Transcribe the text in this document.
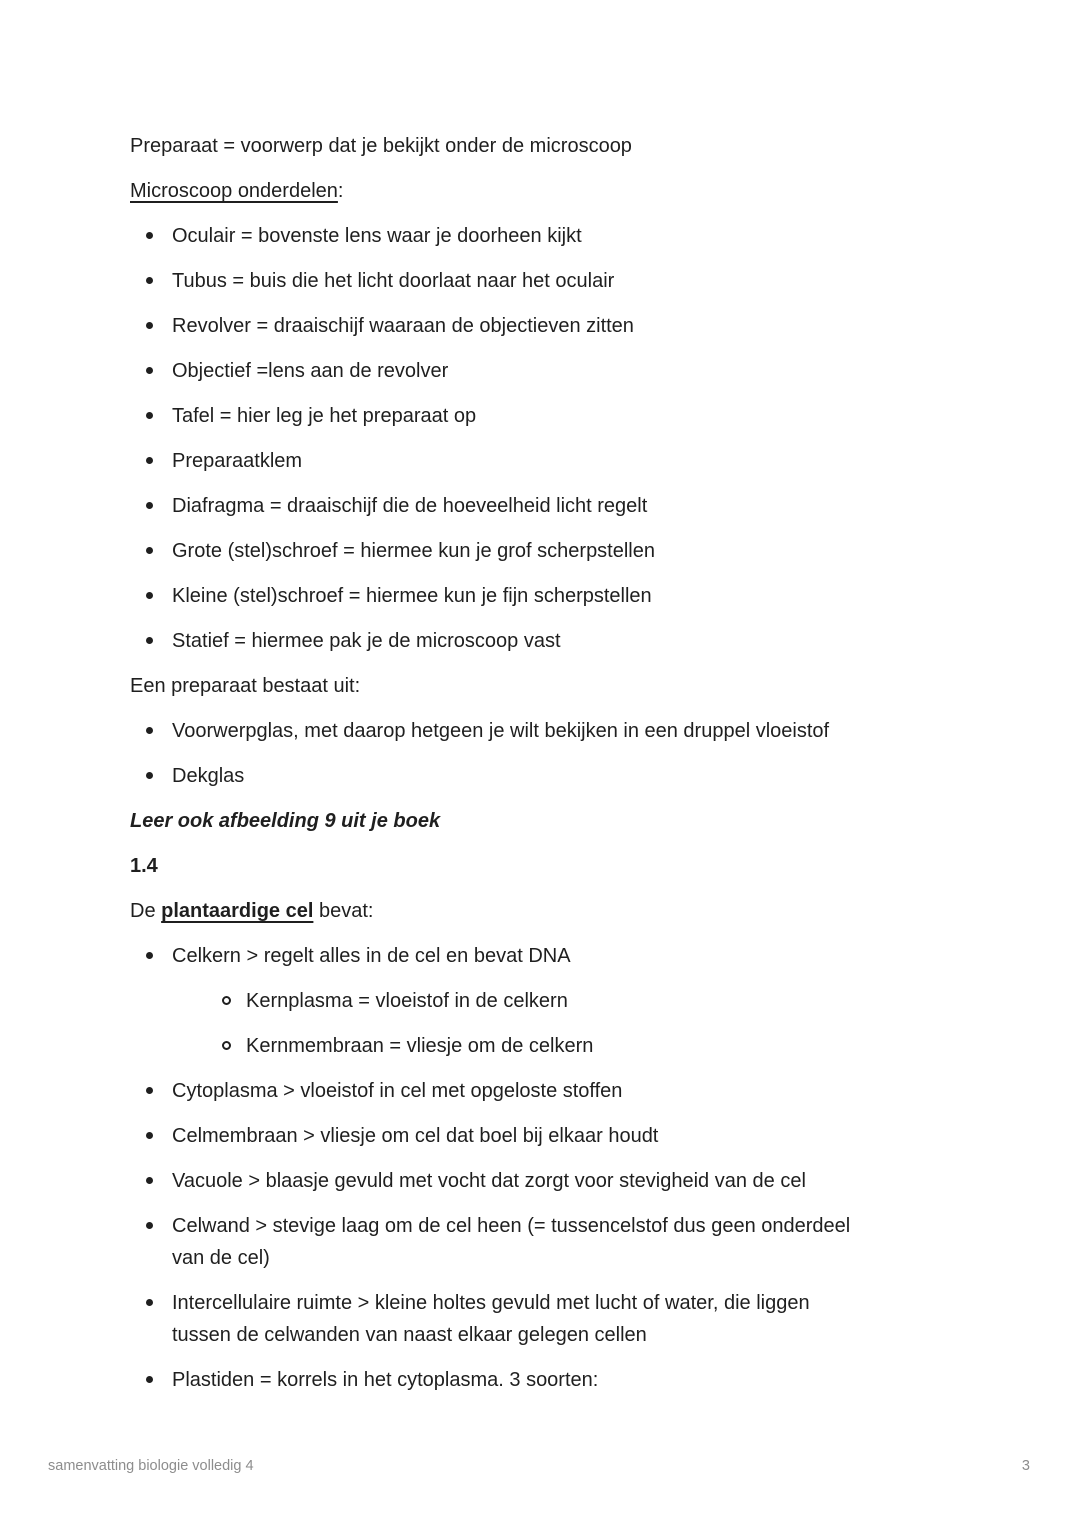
Preparaat = voorwerp dat je bekijkt onder de microscoop

Microscoop onderdelen:

Oculair = bovenste lens waar je doorheen kijkt
Tubus = buis die het licht doorlaat naar het oculair
Revolver = draaischijf waaraan de objectieven zitten
Objectief =lens aan de revolver
Tafel = hier leg je het preparaat op
Preparaatklem
Diafragma = draaischijf die de hoeveelheid licht regelt
Grote (stel)schroef = hiermee kun je grof scherpstellen
Kleine (stel)schroef = hiermee kun je fijn scherpstellen
Statief = hiermee pak je de microscoop vast

Een preparaat bestaat uit:

Voorwerpglas, met daarop hetgeen je wilt bekijken in een druppel vloeistof
Dekglas

Leer ook afbeelding 9 uit je boek

1.4

De plantaardige cel bevat:

Celkern > regelt alles in de cel en bevat DNA
Kernplasma = vloeistof in de celkern
Kernmembraan = vliesje om de celkern
Cytoplasma > vloeistof in cel met opgeloste stoffen
Celmembraan > vliesje om cel dat boel bij elkaar houdt
Vacuole > blaasje gevuld met vocht dat zorgt voor stevigheid van de cel
Celwand > stevige laag om de cel heen (= tussencelstof dus geen onderdeel van de cel)
Intercellulaire ruimte > kleine holtes gevuld met lucht of water, die liggen tussen de celwanden van naast elkaar gelegen cellen
Plastiden = korrels in het cytoplasma. 3 soorten:
samenvatting biologie volledig 4	3
